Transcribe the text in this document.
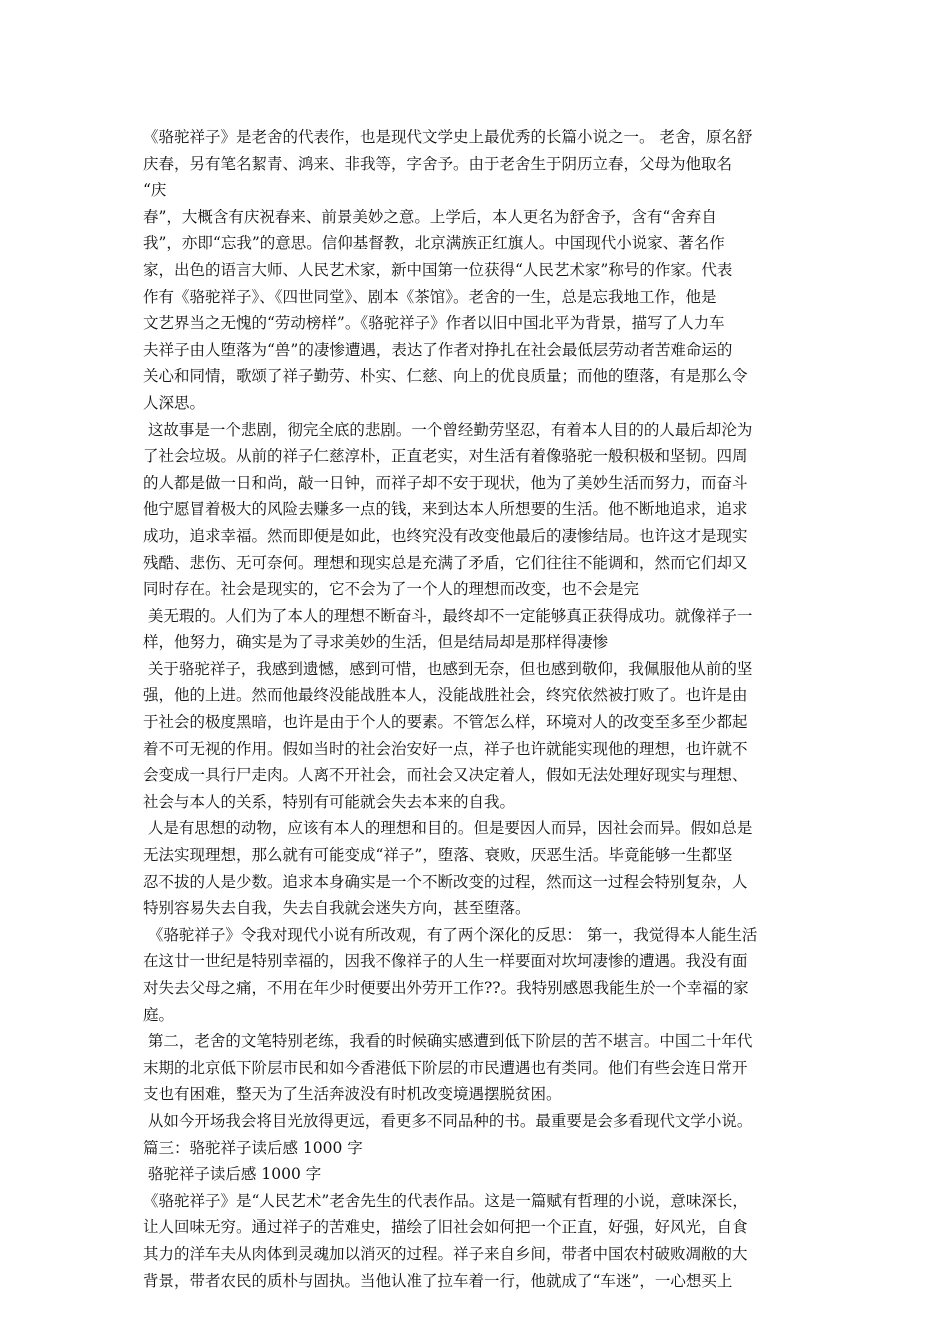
《骆驼祥子》是老舍的代表作，也是现代文学史上最优秀的长篇小说之一。 老舍，原名舒
庆春，另有笔名絜青、鸿来、非我等，字舍予。由于老舍生于阴历立春，父母为他取名
“庆
春”，大概含有庆祝春来、前景美妙之意。上学后，本人更名为舒舍予，含有“舍弃自
我”，亦即“忘我”的意思。信仰基督教，北京满族正红旗人。中国现代小说家、著名作
家，出色的语言大师、人民艺术家，新中国第一位获得“人民艺术家”称号的作家。代表
作有《骆驼祥子》、《四世同堂》、剧本《茶馆》。老舍的一生，总是忘我地工作，他是
文艺界当之无愧的“劳动榜样”。《骆驼祥子》作者以旧中国北平为背景，描写了人力车
夫祥子由人堕落为“兽”的凄惨遭遇，表达了作者对挣扎在社会最低层劳动者苦难命运的
关心和同情，歌颂了祥子勤劳、朴实、仁慈、向上的优良质量；而他的堕落，有是那么令
人深思。
这故事是一个悲剧，彻完全底的悲剧。一个曾经勤劳坚忍，有着本人目的的人最后却沦为
了社会垃圾。从前的祥子仁慈淳朴，正直老实，对生活有着像骆驼一般积极和坚韧。四周
的人都是做一日和尚，敲一日钟，而祥子却不安于现状，他为了美妙生活而努力，而奋斗
他宁愿冒着极大的风险去赚多一点的钱，来到达本人所想要的生活。他不断地追求，追求
成功，追求幸福。然而即便是如此，也终究没有改变他最后的凄惨结局。也许这才是现实
残酷、悲伤、无可奈何。理想和现实总是充满了矛盾，它们往往不能调和，然而它们却又
同时存在。社会是现实的，它不会为了一个人的理想而改变，也不会是完
美无瑕的。人们为了本人的理想不断奋斗，最终却不一定能够真正获得成功。就像祥子一
样，他努力，确实是为了寻求美妙的生活，但是结局却是那样得凄惨
关于骆驼祥子，我感到遗憾，感到可惜，也感到无奈，但也感到敬仰，我佩服他从前的坚
强，他的上进。然而他最终没能战胜本人，没能战胜社会，终究依然被打败了。也许是由
于社会的极度黑暗，也许是由于个人的要素。不管怎么样，环境对人的改变至多至少都起
着不可无视的作用。假如当时的社会治安好一点，祥子也许就能实现他的理想，也许就不
会变成一具行尸走肉。人离不开社会，而社会又决定着人，假如无法处理好现实与理想、
社会与本人的关系，特别有可能就会失去本来的自我。
人是有思想的动物，应该有本人的理想和目的。但是要因人而异，因社会而异。假如总是
无法实现理想，那么就有可能变成“祥子”，堕落、衰败，厌恶生活。毕竟能够一生都坚
忍不拔的人是少数。追求本身确实是一个不断改变的过程，然而这一过程会特别复杂，人
特别容易失去自我，失去自我就会迷失方向，甚至堕落。
《骆驼祥子》令我对现代小说有所改观，有了两个深化的反思： 第一，我觉得本人能生活
在这廿一世纪是特别幸福的，因我不像祥子的人生一样要面对坎坷凄惨的遭遇。我没有面
对失去父母之痛，不用在年少时便要出外劳开工作??。我特别感恩我能生於一个幸福的家
庭。
第二，老舍的文笔特别老练，我看的时候确实感遭到低下阶层的苦不堪言。中国二十年代
末期的北京低下阶层市民和如今香港低下阶层的市民遭遇也有类同。他们有些会连日常开
支也有困难，整天为了生活奔波没有时机改变境遇摆脱贫困。
从如今开场我会将目光放得更远，看更多不同品种的书。最重要是会多看现代文学小说。
篇三：骆驼祥子读后感 1000 字
骆驼祥子读后感 1000 字
《骆驼祥子》是“人民艺术”老舍先生的代表作品。这是一篇赋有哲理的小说，意味深长，
让人回味无穷。通过祥子的苦难史，描绘了旧社会如何把一个正直，好强，好风光，自食
其力的洋车夫从肉体到灵魂加以消灭的过程。祥子来自乡间，带者中国农村破败凋敝的大
背景，带者农民的质朴与固执。当他认准了拉车着一行，他就成了“车迷”，一心想买上
